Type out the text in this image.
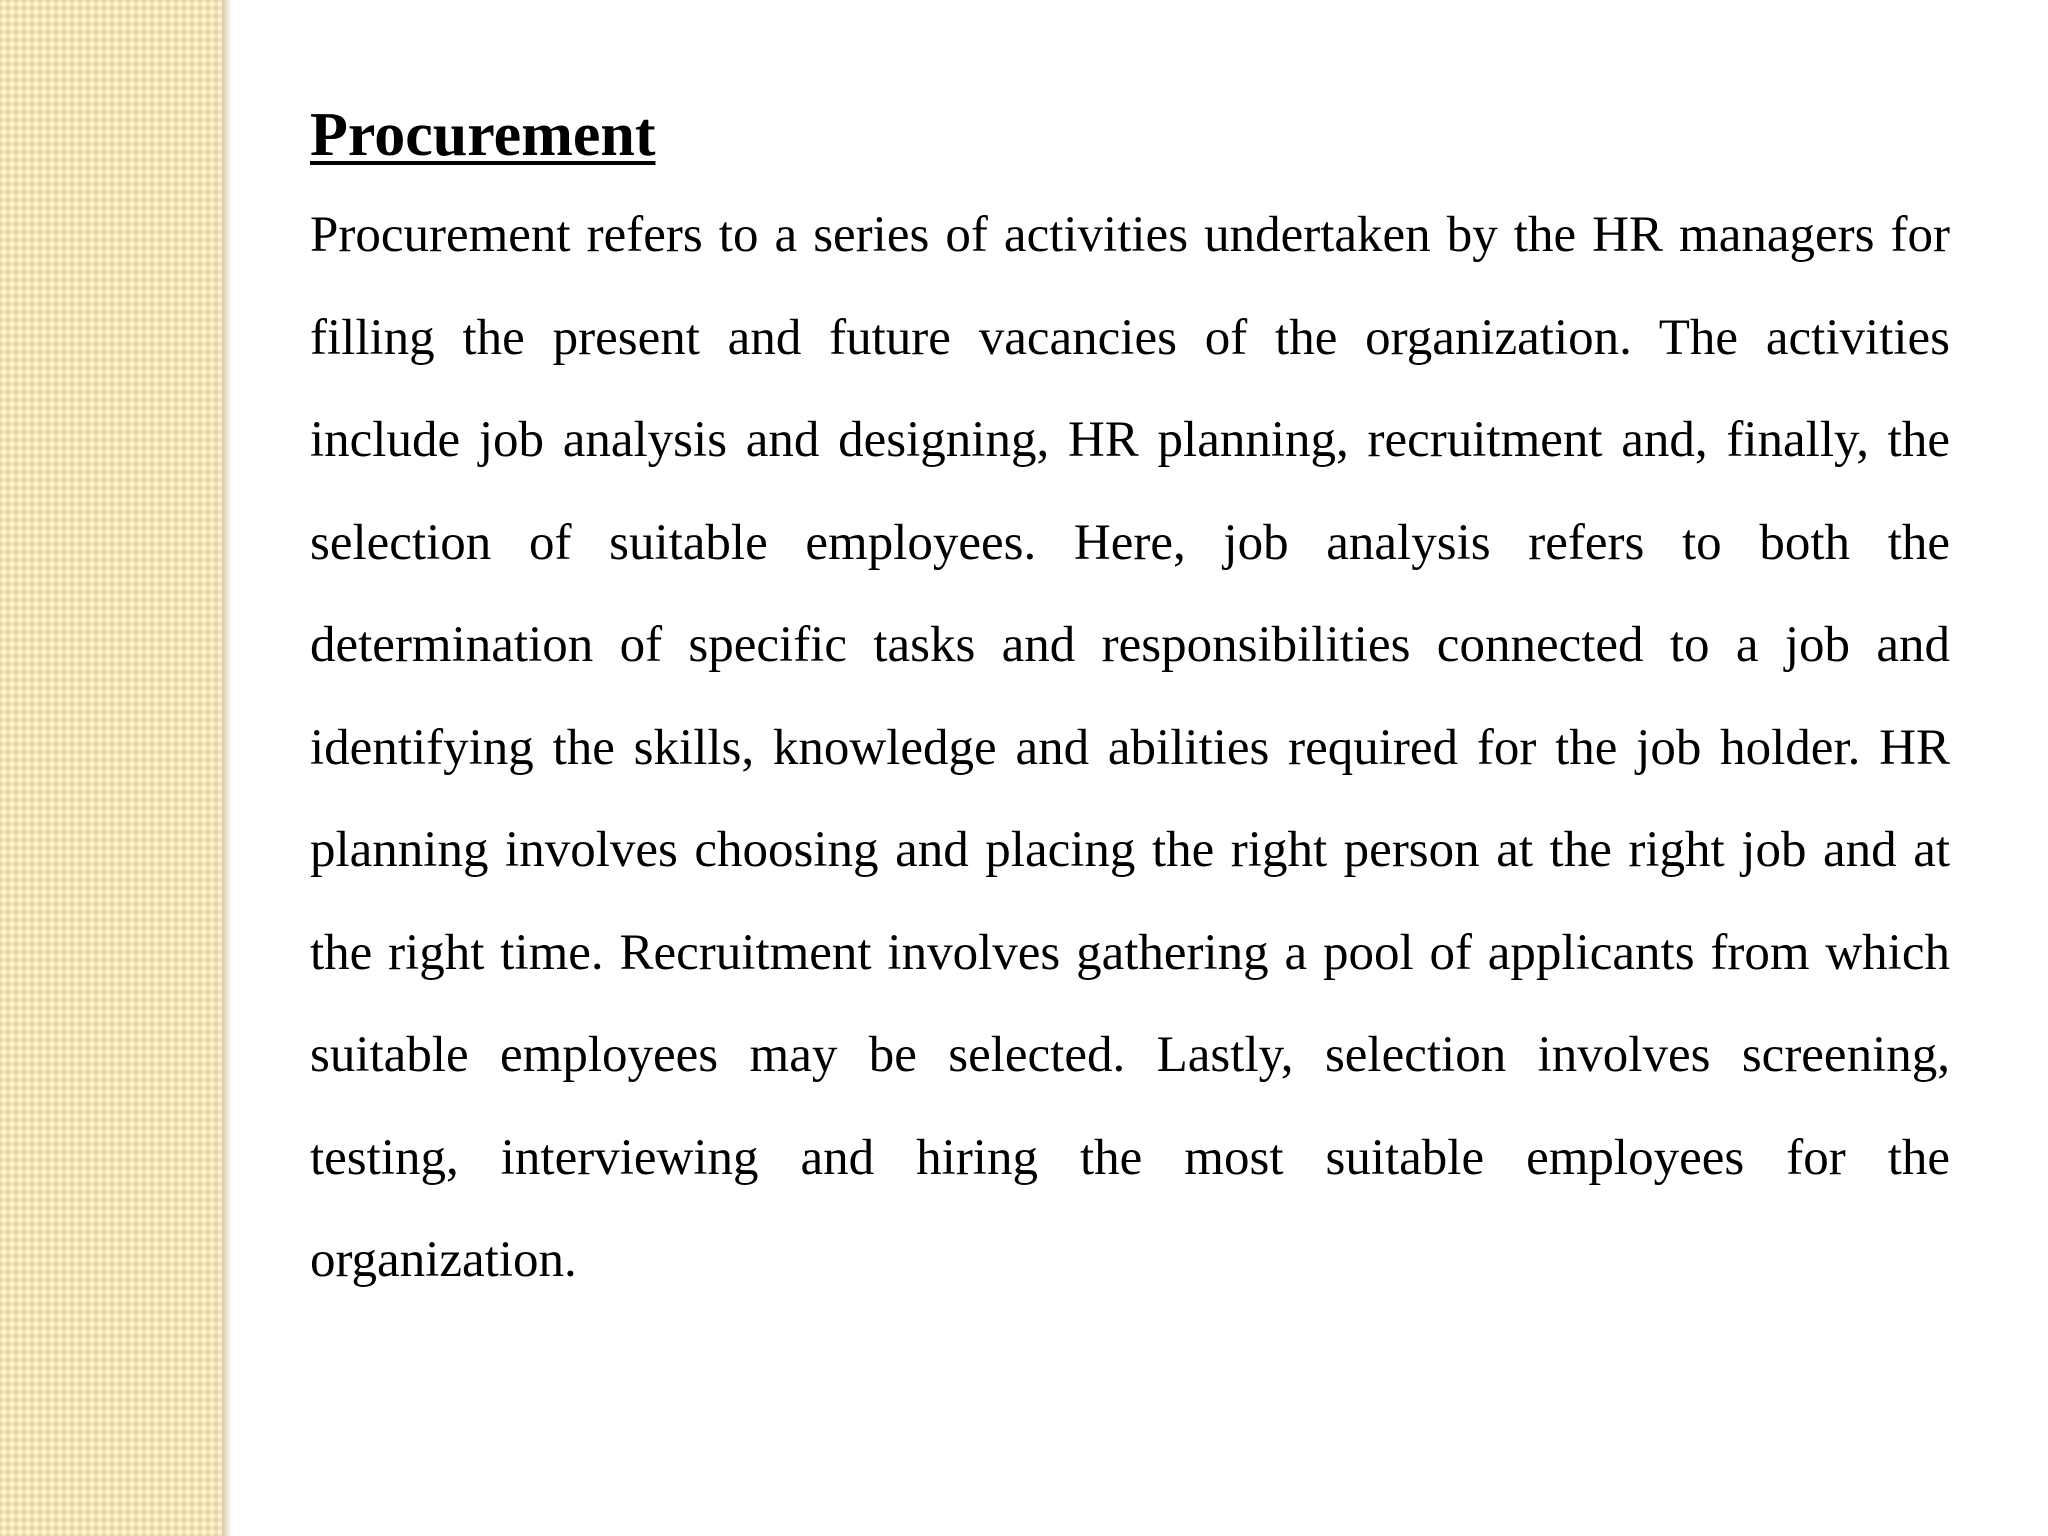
Procurement

Procurement refers to a series of activities undertaken by the HR managers for filling the present and future vacancies of the organization. The activities include job analysis and designing, HR planning, recruitment and, finally, the selection of suitable employees. Here, job analysis refers to both the determination of specific tasks and responsibilities connected to a job and identifying the skills, knowledge and abilities required for the job holder. HR planning involves choosing and placing the right person at the right job and at the right time. Recruitment involves gathering a pool of applicants from which suitable employees may be selected. Lastly, selection involves screening, testing, interviewing and hiring the most suitable employees for the organization.
